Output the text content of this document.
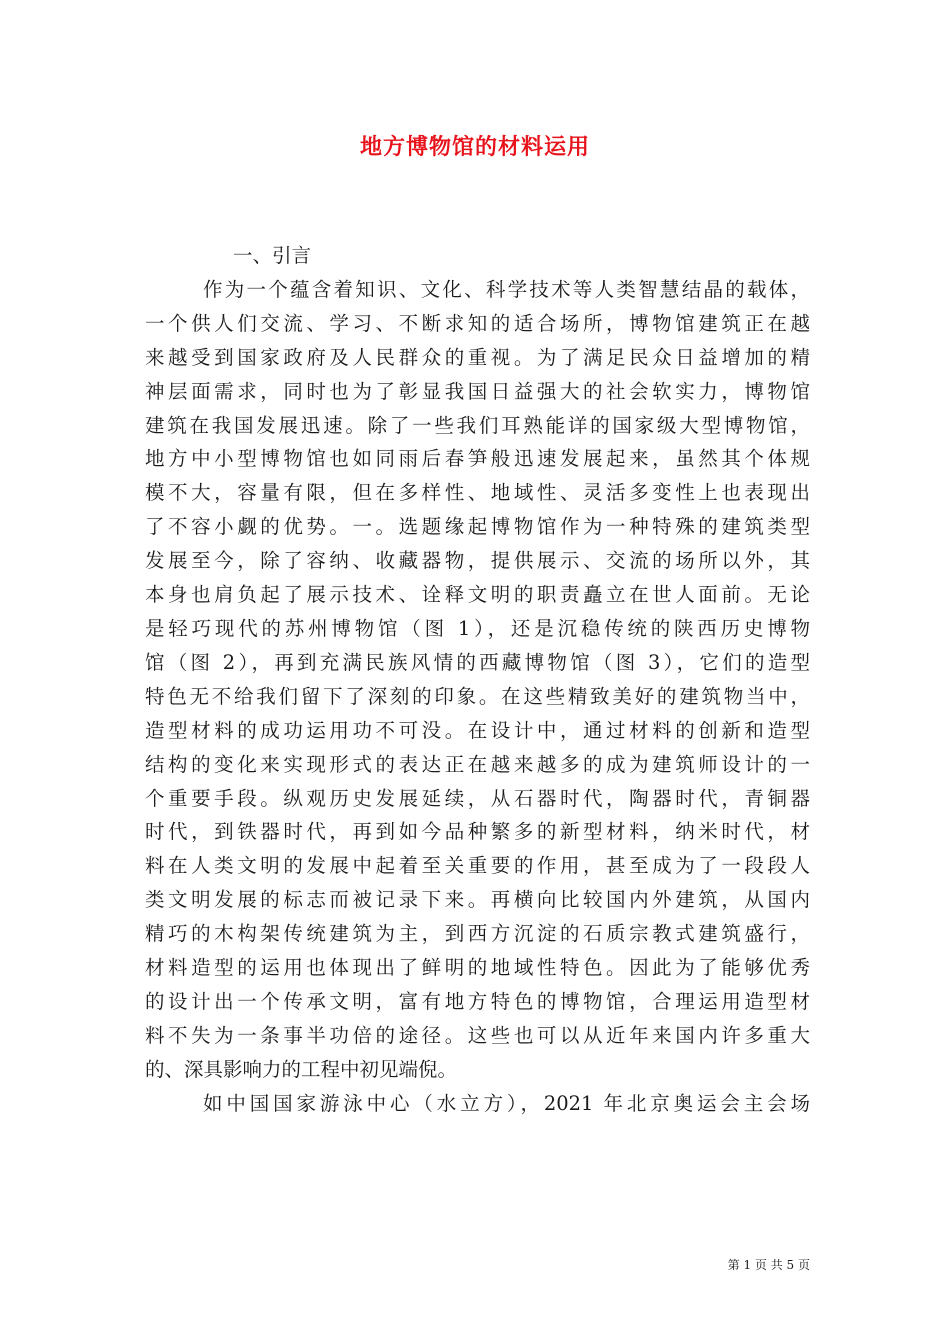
地方博物馆的材料运用
一、引言
作为一个蕴含着知识、文化、科学技术等人类智慧结晶的载体，
一个供人们交流、学习、不断求知的适合场所，博物馆建筑正在越
来越受到国家政府及人民群众的重视。为了满足民众日益增加的精
神层面需求，同时也为了彰显我国日益强大的社会软实力，博物馆
建筑在我国发展迅速。除了一些我们耳熟能详的国家级大型博物馆，
地方中小型博物馆也如同雨后春笋般迅速发展起来，虽然其个体规
模不大，容量有限，但在多样性、地域性、灵活多变性上也表现出
了不容小觑的优势。一。选题缘起博物馆作为一种特殊的建筑类型
发展至今，除了容纳、收藏器物，提供展示、交流的场所以外，其
本身也肩负起了展示技术、诠释文明的职责矗立在世人面前。无论
是轻巧现代的苏州博物馆（图 1），还是沉稳传统的陕西历史博物
馆（图 2），再到充满民族风情的西藏博物馆（图 3），它们的造型
特色无不给我们留下了深刻的印象。在这些精致美好的建筑物当中，
造型材料的成功运用功不可没。在设计中，通过材料的创新和造型
结构的变化来实现形式的表达正在越来越多的成为建筑师设计的一
个重要手段。纵观历史发展延续，从石器时代，陶器时代，青铜器
时代，到铁器时代，再到如今品种繁多的新型材料，纳米时代，材
料在人类文明的发展中起着至关重要的作用，甚至成为了一段段人
类文明发展的标志而被记录下来。再横向比较国内外建筑，从国内
精巧的木构架传统建筑为主，到西方沉淀的石质宗教式建筑盛行，
材料造型的运用也体现出了鲜明的地域性特色。因此为了能够优秀
的设计出一个传承文明，富有地方特色的博物馆，合理运用造型材
料不失为一条事半功倍的途径。这些也可以从近年来国内许多重大
的、深具影响力的工程中初见端倪。
如中国国家游泳中心（水立方），2021 年北京奥运会主会场
第 1 页 共 5 页
